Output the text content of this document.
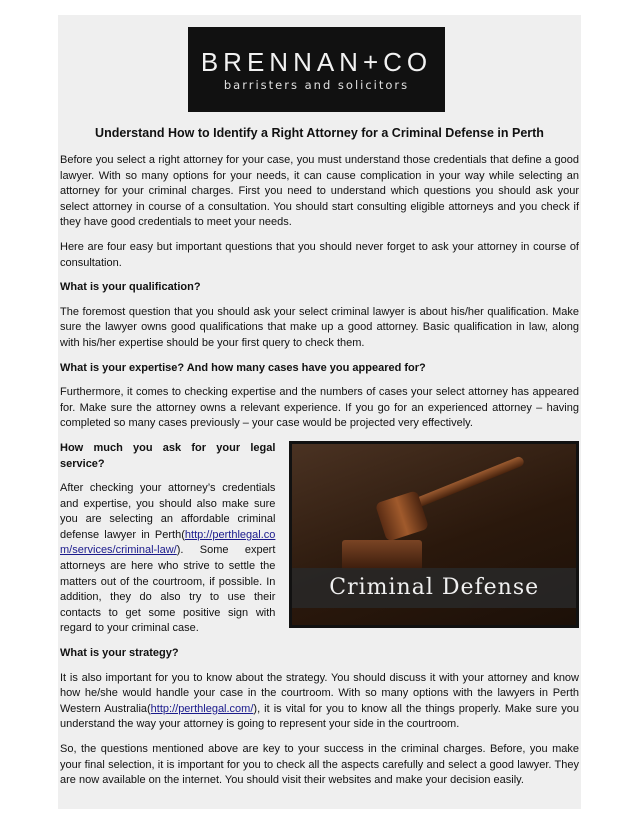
BRENNAN+CO
barristers and solicitors
Understand How to Identify a Right Attorney for a Criminal Defense in Perth

Before you select a right attorney for your case, you must understand those credentials that define a good lawyer. With so many options for your needs, it can cause complication in your way while selecting an attorney for your criminal charges. First you need to understand which questions you should ask your select attorney in course of a consultation. You should start consulting eligible attorneys and you check if they have good credentials to meet your needs.

Here are four easy but important questions that you should never forget to ask your attorney in course of consultation.

What is your qualification?

The foremost question that you should ask your select criminal lawyer is about his/her qualification. Make sure the lawyer owns good qualifications that make up a good attorney. Basic qualification in law, along with his/her expertise should be your first query to check them.

What is your expertise? And how many cases have you appeared for?

Furthermore, it comes to checking expertise and the numbers of cases your select attorney has appeared for. Make sure the attorney owns a relevant experience. If you go for an experienced attorney – having completed so many cases previously – your case would be projected very effectively.

How much you ask for your legal service?

After checking your attorney’s credentials and expertise, you should also make sure you are selecting an affordable criminal defense lawyer in Perth(http://perthlegal.com/services/criminal-law/). Some expert attorneys are here who strive to settle the matters out of the courtroom, if possible. In addition, they do also try to use their contacts to get some positive sign with regard to your criminal case.

Criminal Defense

What is your strategy?

It is also important for you to know about the strategy. You should discuss it with your attorney and know how he/she would handle your case in the courtroom. With so many options with the lawyers in Perth Western Australia(http://perthlegal.com/), it is vital for you to know all the things properly. Make sure you understand the way your attorney is going to represent your side in the courtroom.

So, the questions mentioned above are key to your success in the criminal charges. Before, you make your final selection, it is important for you to check all the aspects carefully and select a good lawyer. They are now available on the internet. You should visit their websites and make your decision easily.
